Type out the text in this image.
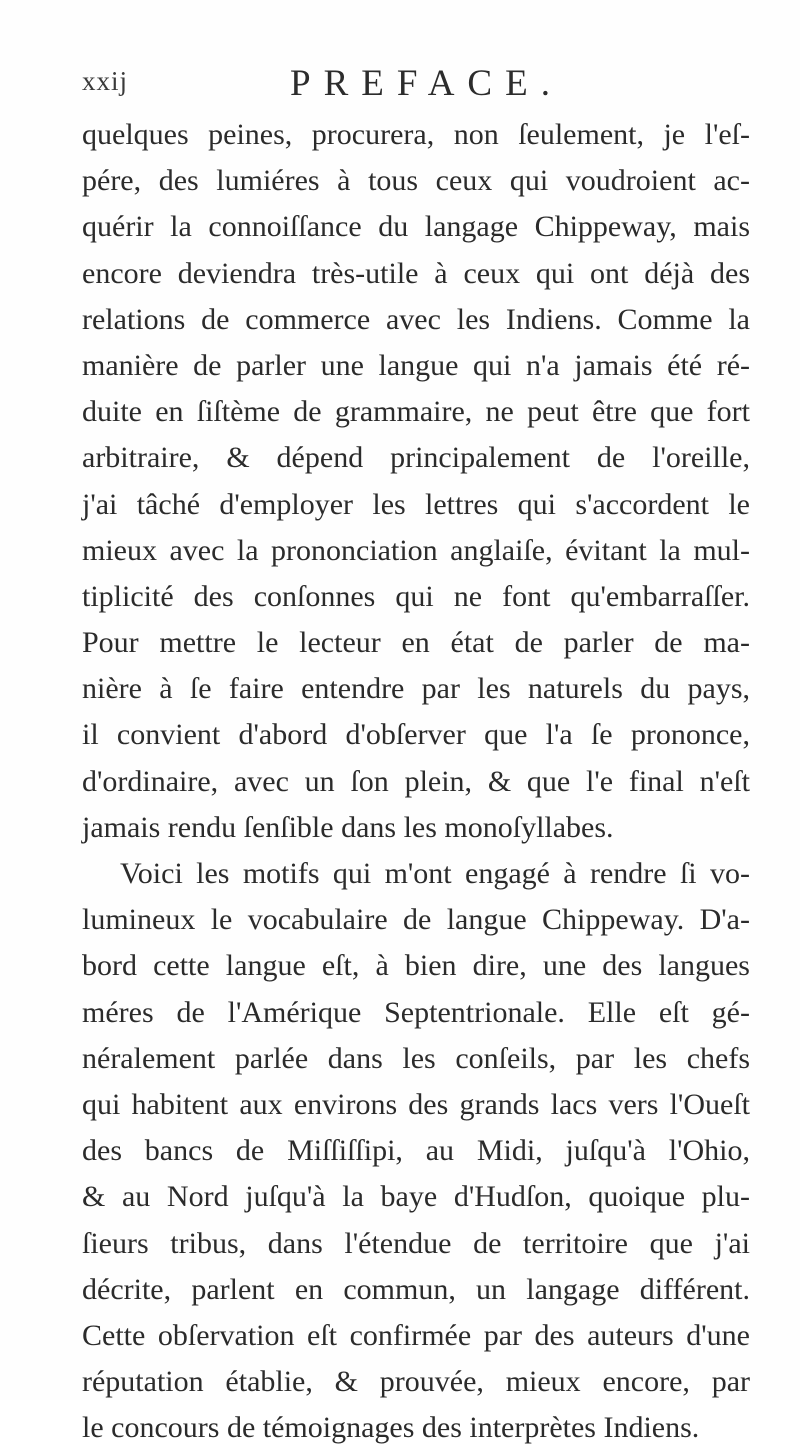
xxij	PREFACE.
quelques peines, procurera, non ſeulement, je l'eſ-
pére, des lumiéres à tous ceux qui voudroient ac-
quérir la connoiſſance du langage Chippeway, mais
encore deviendra très-utile à ceux qui ont déjà des
relations de commerce avec les Indiens. Comme la
manière de parler une langue qui n'a jamais été ré-
duite en ſiſtème de grammaire, ne peut être que fort
arbitraire, & dépend principalement de l'oreille,
j'ai tâché d'employer les lettres qui s'accordent le
mieux avec la prononciation anglaiſe, évitant la mul-
tiplicité des conſonnes qui ne font qu'embarraſſer.
Pour mettre le lecteur en état de parler de ma-
nière à ſe faire entendre par les naturels du pays,
il convient d'abord d'obſerver que l'a ſe prononce,
d'ordinaire, avec un ſon plein, & que l'e final n'eſt
jamais rendu ſenſible dans les monoſyllabes.
Voici les motifs qui m'ont engagé à rendre ſi vo-
lumineux le vocabulaire de langue Chippeway. D'a-
bord cette langue eſt, à bien dire, une des langues
méres de l'Amérique Septentrionale. Elle eſt gé-
néralement parlée dans les conſeils, par les chefs
qui habitent aux environs des grands lacs vers l'Oueſt
des bancs de Miſſiſſipi, au Midi, juſqu'à l'Ohio,
& au Nord juſqu'à la baye d'Hudſon, quoique plu-
ſieurs tribus, dans l'étendue de territoire que j'ai
décrite, parlent en commun, un langage différent.
Cette obſervation eſt confirmée par des auteurs d'une
réputation établie, & prouvée, mieux encore, par
le concours de témoignages des interprètes Indiens.
